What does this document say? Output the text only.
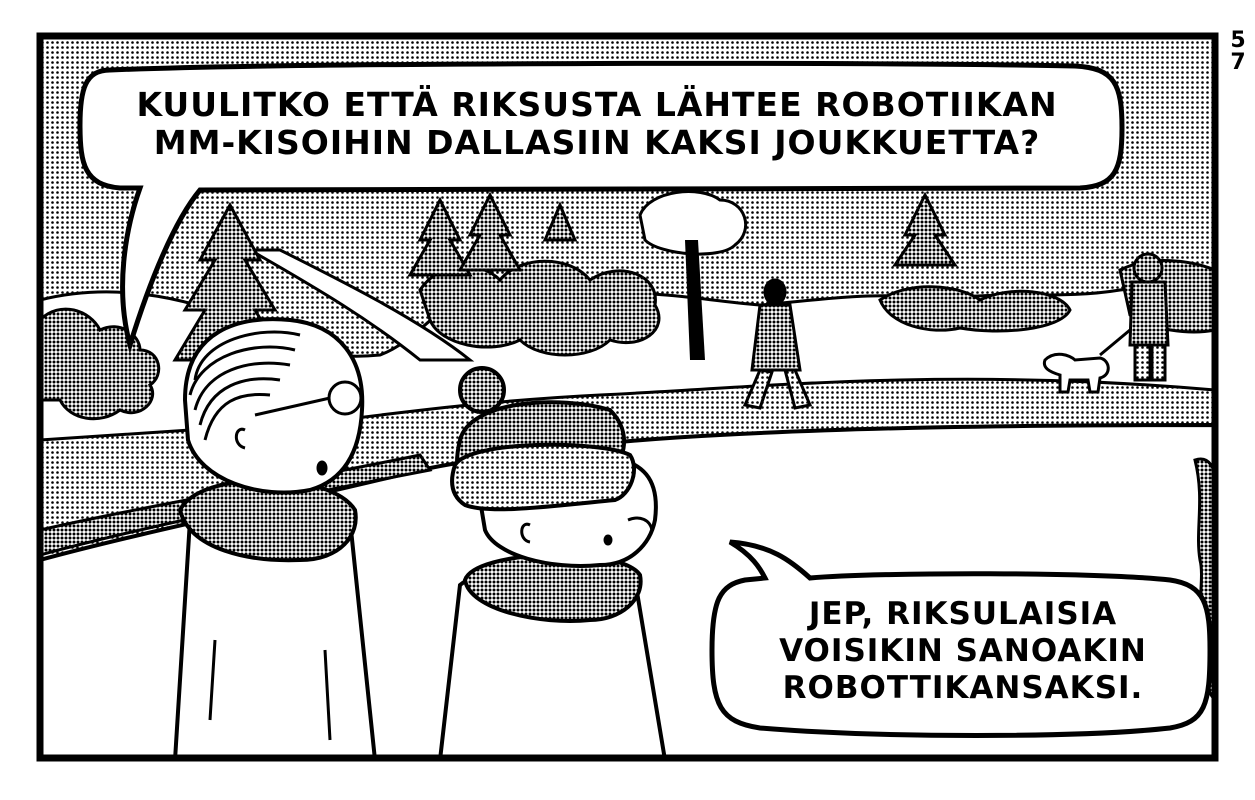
KUULITKO ETTÄ RIKSUSTA LÄHTEE ROBOTIIKAN
MM-KISOIHIN DALLASIIN KAKSI JOUKKUETTA?
JEP, RIKSULAISIA
VOISIKIN SANOAKIN
ROBOTTIKANSAKSI.
5
7
